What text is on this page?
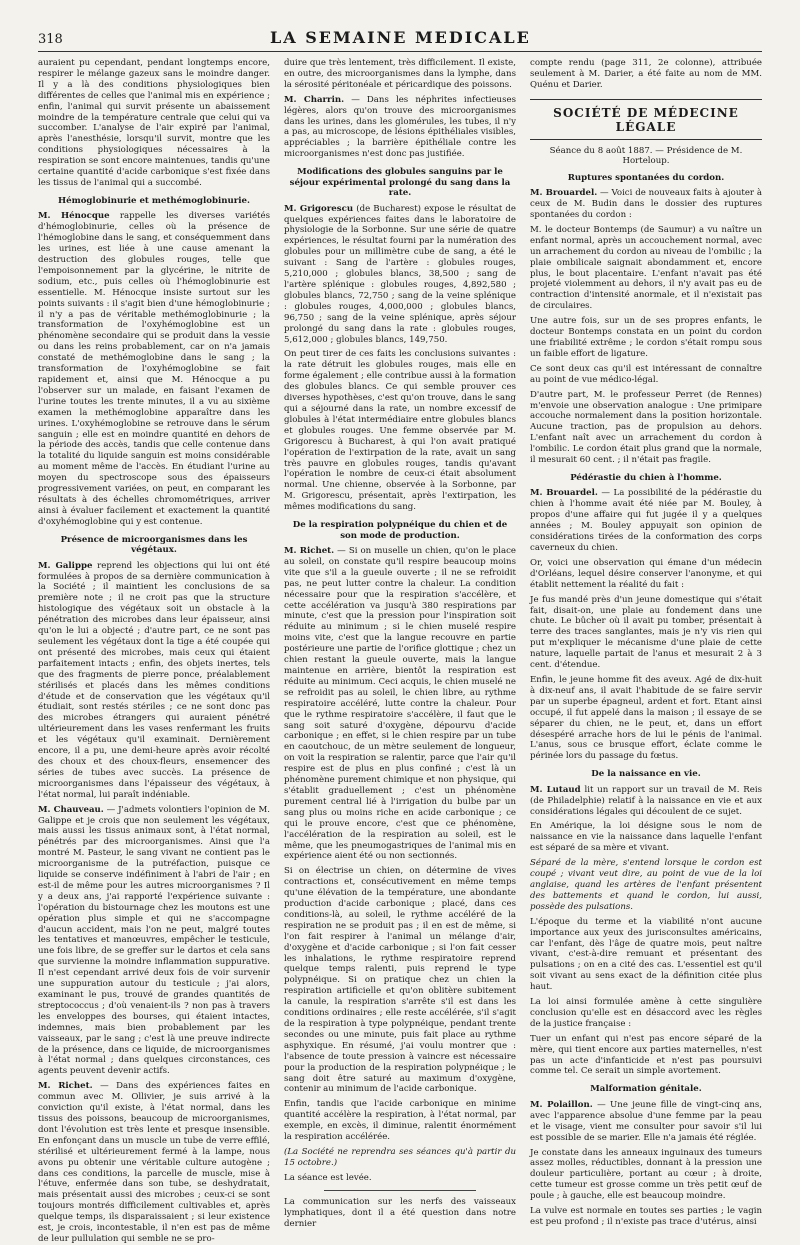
318	LA SEMAINE MEDICALE

auraient pu cependant, pendant longtemps encore, respirer le mélange gazeux sans le moindre danger. Il y a là des conditions physiologiques bien différentes de celles que l'animal mis en expérience ; enfin, l'animal qui survit présente un abaissement moindre de la température centrale que celui qui va succomber. L'analyse de l'air expiré par l'animal, après l'anesthésie, lorsqu'il survit, montre que les conditions physiologiques nécessaires à la respiration se sont encore maintenues, tandis qu'une certaine quantité d'acide carbonique s'est fixée dans les tissus de l'animal qui a succombé.

Hémoglobinurie et methémoglobinurie.

M. Hénocque rappelle les diverses variétés d'hémoglobinurie, celles où la présence de l'hémoglobine dans le sang, et conséquemment dans les urines, est liée à une cause amenant la destruction des globules rouges, telle que l'empoisonnement par la glycérine, le nitrite de sodium, etc., puis celles où l'hémoglobinurie est essentielle. M. Hénocque insiste surtout sur les points suivants : il s'agit bien d'une hémoglobinurie ; il n'y a pas de véritable methémoglobinurie ; la transformation de l'oxyhémoglobine est un phénomène secondaire qui se produit dans la vessie ou dans les reins probablement, car on n'a jamais constaté de methémoglobine dans le sang ; la transformation de l'oxyhémoglobine se fait rapidement et, ainsi que M. Hénocque a pu l'observer sur un malade, en faisant l'examen de l'urine toutes les trente minutes, il a vu au sixième examen la methémoglobine apparaître dans les urines. L'oxyhémoglobine se retrouve dans le sérum sanguin ; elle est en moindre quantité en dehors de la période des accès, tandis que celle contenue dans la totalité du liquide sanguin est moins considérable au moment même de l'accès. En étudiant l'urine au moyen du spectroscope sous des épaisseurs progressivement variées, on peut, en comparant les résultats à des échelles chromométriques, arriver ainsi à évaluer facilement et exactement la quantité d'oxyhémoglobine qui y est contenue.

Présence de microorganismes dans les végétaux.

M. Galippe reprend les objections qui lui ont été formulées à propos de sa dernière communication à la Société ; il maintient les conclusions de sa première note ; il ne croit pas que la structure histologique des végétaux soit un obstacle à la pénétration des microbes dans leur épaisseur, ainsi qu'on le lui a objecté ; d'autre part, ce ne sont pas seulement les végétaux dont la tige a été coupée qui ont présenté des microbes, mais ceux qui étaient parfaitement intacts ; enfin, des objets inertes, tels que des fragments de pierre ponce, préalablement stérilisés et placés dans les mêmes conditions d'étude et de conservation que les végétaux qu'il étudiait, sont restés stériles ; ce ne sont donc pas des microbes étrangers qui auraient pénétré ultérieurement dans les vases renfermant les fruits et les végétaux qu'il examinait. Dernièrement encore, il a pu, une demi-heure après avoir récolté des choux et des choux-fleurs, ensemencer des séries de tubes avec succès. La présence de microorganismes dans l'épaisseur des végétaux, à l'état normal, lui paraît indéniable.

M. Chauveau. — J'admets volontiers l'opinion de M. Galippe et je crois que non seulement les végétaux, mais aussi les tissus animaux sont, à l'état normal, pénétrés par des microorganismes. Ainsi que l'a montré M. Pasteur, le sang vivant ne contient pas le microorganisme de la putréfaction, puisque ce liquide se conserve indéfiniment à l'abri de l'air ; en est-il de même pour les autres microorganismes ? Il y a deux ans, j'ai rapporté l'expérience suivante : l'opération du bistournage chez les moutons est une opération plus simple et qui ne s'accompagne d'aucun accident, mais l'on ne peut, malgré toutes les tentatives et manœuvres, empêcher le testicule, une fois libre, de se greffer sur le dartos et cela sans que survienne la moindre inflammation suppurative. Il n'est cependant arrivé deux fois de voir survenir une suppuration autour du testicule ; j'ai alors, examinant le pus, trouvé de grandes quantités de streptococcus ; d'où venaient-ils ? non pas à travers les enveloppes des bourses, qui étaient intactes, indemnes, mais bien probablement par les vaisseaux, par le sang ; c'est là une preuve indirecte de la présence, dans ce liquide, de microorganismes à l'état normal ; dans quelques circonstances, ces agents peuvent devenir actifs.

M. Richet. — Dans des expériences faites en commun avec M. Ollivier, je suis arrivé à la conviction qu'il existe, à l'état normal, dans les tissus des poissons, beaucoup de microorganismes, dont l'évolution est très lente et presque insensible. En enfonçant dans un muscle un tube de verre effilé, stérilisé et ultérieurement fermé à la lampe, nous avons pu obtenir une véritable culture autogène ; dans ces conditions, la parcelle de muscle, mise à l'étuve, enfermée dans son tube, se deshydratait, mais présentait aussi des microbes ; ceux-ci se sont toujours montrés difficilement cultivables et, après quelque temps, ils disparaissaient ; si leur existence est, je crois, incontestable, il n'en est pas de même de leur pullulation qui semble ne se pro-

duire que très lentement, très difficilement. Il existe, en outre, des microorganismes dans la lymphe, dans la sérosité péritonéale et péricardique des poissons.

M. Charrin. — Dans les néphrites infectieuses légères, alors qu'on trouve des microorganismes dans les urines, dans les glomérules, les tubes, il n'y a pas, au microscope, de lésions épithéliales visibles, appréciables ; la barrière épithéliale contre les microorganismes n'est donc pas justifiée.

Modifications des globules sanguins par le séjour expérimental prolongé du sang dans la rate.

M. Grigorescu (de Bucharest) expose le résultat de quelques expériences faites dans le laboratoire de physiologie de la Sorbonne. Sur une série de quatre expériences, le résultat fourni par la numération des globules pour un millimètre cube de sang, a été le suivant : Sang de l'artère : globules rouges, 5,210,000 ; globules blancs, 38,500 ; sang de l'artère splénique : globules rouges, 4,892,580 ; globules blancs, 72,750 ; sang de la veine splénique : globules rouges, 4,000,000 ; globules blancs, 96,750 ; sang de la veine splénique, après séjour prolongé du sang dans la rate : globules rouges, 5,612,000 ; globules blancs, 149,750.

On peut tirer de ces faits les conclusions suivantes : la rate détruit les globules rouges, mais elle en forme également ; elle contribue aussi à la formation des globules blancs. Ce qui semble prouver ces diverses hypothèses, c'est qu'on trouve, dans le sang qui a séjourné dans la rate, un nombre excessif de globules à l'état intermédiaire entre globules blancs et globules rouges. Une femme observée par M. Grigorescu à Bucharest, à qui l'on avait pratiqué l'opération de l'extirpation de la rate, avait un sang très pauvre en globules rouges, tandis qu'avant l'opération le nombre de ceux-ci était absolument normal. Une chienne, observée à la Sorbonne, par M. Grigorescu, présentait, après l'extirpation, les mêmes modifications du sang.

De la respiration polypnéique du chien et de son mode de production.

M. Richet. — Si on muselle un chien, qu'on le place au soleil, on constate qu'il respire beaucoup moins vite que s'il a la gueule ouverte ; il ne se refroidit pas, ne peut lutter contre la chaleur. La condition nécessaire pour que la respiration s'accélère, et cette accélération va jusqu'à 380 respirations par minute, c'est que la pression pour l'inspiration soit réduite au minimum ; si le chien muselé respire moins vite, c'est que la langue recouvre en partie postérieure une partie de l'orifice glottique ; chez un chien restant la gueule ouverte, mais la langue maintenue en arrière, bientôt la respiration est réduite au minimum. Ceci acquis, le chien muselé ne se refroidit pas au soleil, le chien libre, au rythme respiratoire accéléré, lutte contre la chaleur. Pour que le rythme respiratoire s'accélère, il faut que le sang soit saturé d'oxygène, dépourvu d'acide carbonique ; en effet, si le chien respire par un tube en caoutchouc, de un mètre seulement de longueur, on voit la respiration se ralentir, parce que l'air qu'il respire est de plus en plus confiné ; c'est là un phénomène purement chimique et non physique, qui s'établit graduellement ; c'est un phénomène purement central lié à l'irrigation du bulbe par un sang plus ou moins riche en acide carbonique ; ce qui le prouve encore, c'est que ce phénomène, l'accélération de la respiration au soleil, est le même, que les pneumogastriques de l'animal mis en expérience aient été ou non sectionnés.

Si on électrise un chien, on détermine de vives contractions et, consécutivement en même temps qu'une élévation de la température, une abondante production d'acide carbonique ; placé, dans ces conditions-là, au soleil, le rythme accéléré de la respiration ne se produit pas ; il en est de même, si l'on fait respirer à l'animal un mélange d'air, d'oxygène et d'acide carbonique ; si l'on fait cesser les inhalations, le rythme respiratoire reprend quelque temps ralenti, puis reprend le type polypnéique. Si on pratique chez un chien la respiration artificielle et qu'on oblitère subitement la canule, la respiration s'arrête s'il est dans les conditions ordinaires ; elle reste accélérée, s'il s'agit de la respiration à type polypnéique, pendant trente secondes ou une minute, puis fait place au rythme asphyxique. En résumé, j'ai voulu montrer que : l'absence de toute pression à vaincre est nécessaire pour la production de la respiration polypnéique ; le sang doit être saturé au maximum d'oxygène, contenir au minimum de l'acide carbonique.

Enfin, tandis que l'acide carbonique en minime quantité accélère la respiration, à l'état normal, par exemple, en excès, il diminue, ralentit énormément la respiration accélérée.

(La Société ne reprendra ses séances qu'à partir du 15 octobre.)

La séance est levée.

La communication sur les nerfs des vaisseaux lymphatiques, dont il a été question dans notre dernier

compte rendu (page 311, 2e colonne), attribuée seulement à M. Darier, a été faite au nom de MM. Quénu et Darier.

SOCIÉTÉ DE MÉDECINE LÉGALE
Séance du 8 août 1887. — Présidence de M. Horteloup.
Ruptures spontanées du cordon.

M. Brouardel. — Voici de nouveaux faits à ajouter à ceux de M. Budin dans le dossier des ruptures spontanées du cordon :

M. le docteur Bontemps (de Saumur) a vu naître un enfant normal, après un accouchement normal, avec un arrachement du cordon au niveau de l'ombilic ; la plaie ombilicale saignait abondamment et, encore plus, le bout placentaire. L'enfant n'avait pas été projeté violemment au dehors, il n'y avait pas eu de contraction d'intensité anormale, et il n'existait pas de circulaires.

Une autre fois, sur un de ses propres enfants, le docteur Bontemps constata en un point du cordon une friabilité extrême ; le cordon s'était rompu sous un faible effort de ligature.

Ce sont deux cas qu'il est intéressant de connaître au point de vue médico-légal.

D'autre part, M. le professeur Perret (de Rennes) m'envoie une observation analogue : Une primipare accouche normalement dans la position horizontale. Aucune traction, pas de propulsion au dehors. L'enfant naît avec un arrachement du cordon à l'ombilic. Le cordon était plus grand que la normale, il mesurait 60 cent. ; il n'était pas fragile.

Pédérastie du chien à l'homme.

M. Brouardel. — La possibilité de la pédérastie du chien à l'homme avait été niée par M. Bouley, à propos d'une affaire qui fut jugée il y a quelques années ; M. Bouley appuyait son opinion de considérations tirées de la conformation des corps caverneux du chien.

Or, voici une observation qui émane d'un médecin d'Orléans, lequel désire conserver l'anonyme, et qui établit nettement la réalité du fait :

Je fus mandé près d'un jeune domestique qui s'était fait, disait-on, une plaie au fondement dans une chute. Le bûcher où il avait pu tomber, présentait à terre des traces sanglantes, mais je n'y vis rien qui put m'expliquer le mécanisme d'une plaie de cette nature, laquelle partait de l'anus et mesurait 2 à 3 cent. d'étendue.

Enfin, le jeune homme fit des aveux. Agé de dix-huit à dix-neuf ans, il avait l'habitude de se faire servir par un superbe épagneul, ardent et fort. Etant ainsi occupé, il fut appelé dans la maison ; il essaye de se séparer du chien, ne le peut, et, dans un effort désespéré arrache hors de lui le pénis de l'animal. L'anus, sous ce brusque effort, éclate comme le périnée lors du passage du fœtus.

De la naissance en vie.

M. Lutaud lit un rapport sur un travail de M. Reis (de Philadelphie) relatif à la naissance en vie et aux considérations légales qui découlent de ce sujet.

En Amérique, la loi désigne sous le nom de naissance en vie la naissance dans laquelle l'enfant est séparé de sa mère et vivant.

Séparé de la mère, s'entend lorsque le cordon est coupé ; vivant veut dire, au point de vue de la loi anglaise, quand les artères de l'enfant présentent des battements et quand le cordon, lui aussi, possède des pulsations.

L'époque du terme et la viabilité n'ont aucune importance aux yeux des jurisconsultes américains, car l'enfant, dès l'âge de quatre mois, peut naître vivant, c'est-à-dire remuant et présentant des pulsations ; on en a cité des cas. L'essentiel est qu'il soit vivant au sens exact de la définition citée plus haut.

La loi ainsi formulée amène à cette singulière conclusion qu'elle est en désaccord avec les règles de la justice française :

Tuer un enfant qui n'est pas encore séparé de la mère, qui tient encore aux parties maternelles, n'est pas un acte d'infanticide et n'est pas poursuivi comme tel. Ce serait un simple avortement.

Malformation génitale.

M. Polaillon. — Une jeune fille de vingt-cinq ans, avec l'apparence absolue d'une femme par la peau et le visage, vient me consulter pour savoir s'il lui est possible de se marier. Elle n'a jamais été réglée.

Je constate dans les anneaux inguinaux des tumeurs assez molles, réductibles, donnant à la pression une douleur particulière, portant au cœur ; à droite, cette tumeur est grosse comme un très petit œuf de poule ; à gauche, elle est beaucoup moindre.

La vulve est normale en toutes ses parties ; le vagin est peu profond ; il n'existe pas trace d'utérus, ainsi
